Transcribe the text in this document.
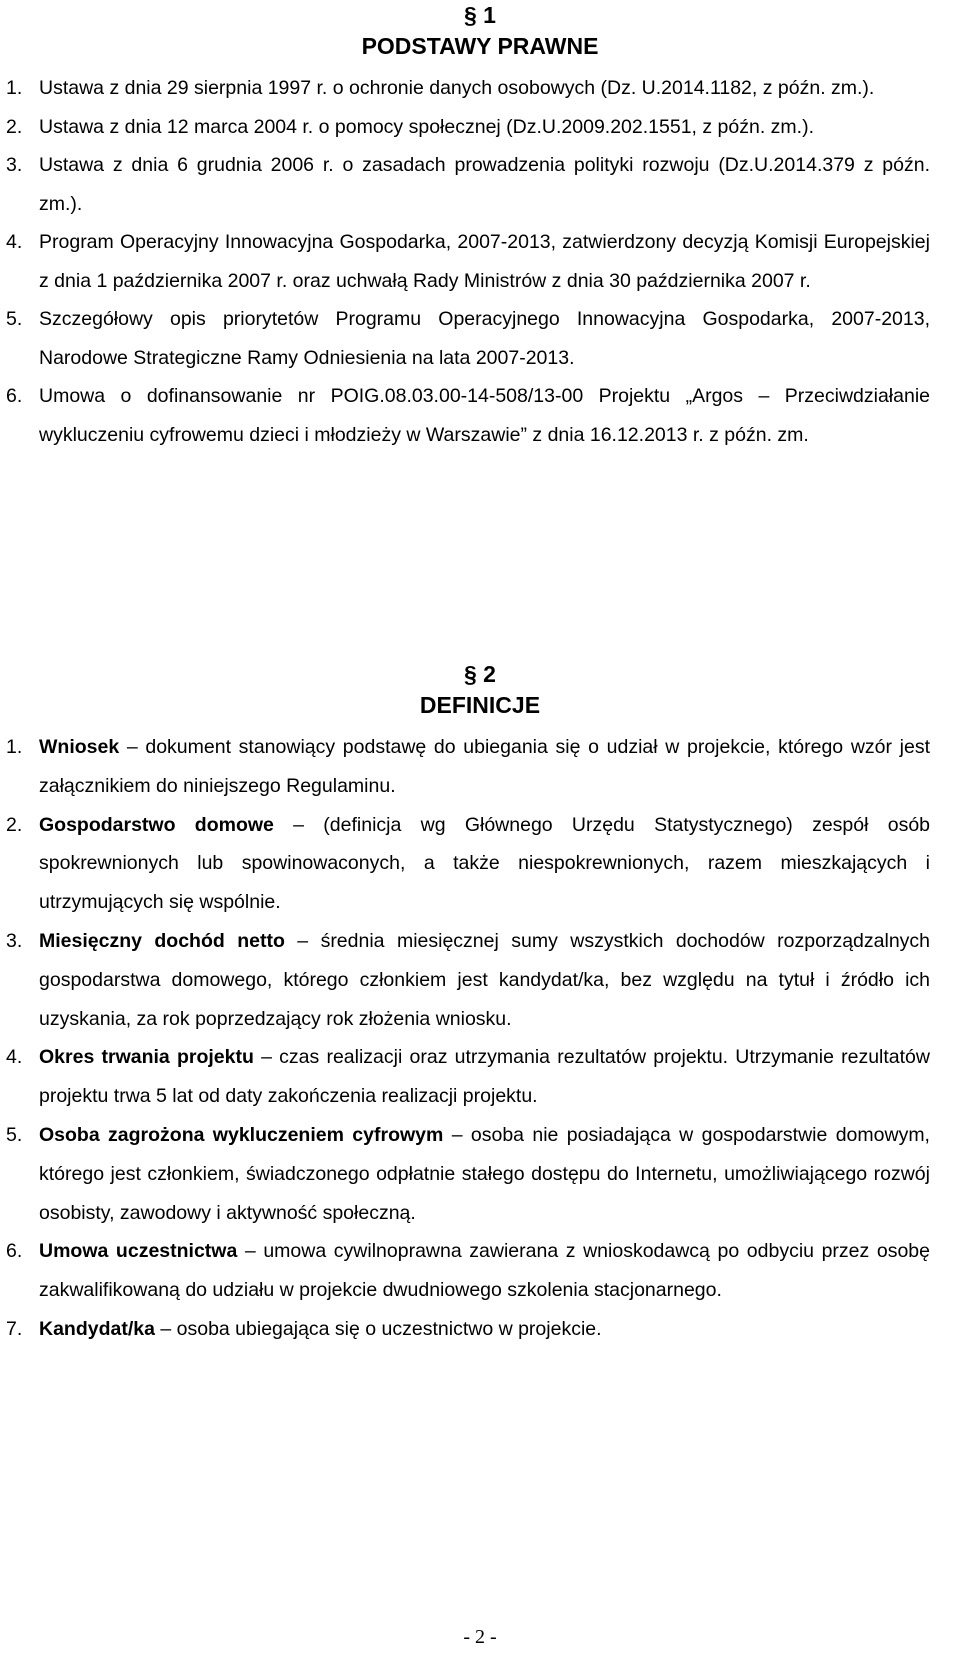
§ 1
PODSTAWY PRAWNE
1. Ustawa z dnia 29 sierpnia 1997 r. o ochronie danych osobowych (Dz. U.2014.1182, z późn. zm.).
2. Ustawa z dnia 12 marca 2004 r. o pomocy społecznej (Dz.U.2009.202.1551, z późn. zm.).
3. Ustawa z dnia 6 grudnia 2006 r. o zasadach prowadzenia polityki rozwoju (Dz.U.2014.379 z późn. zm.).
4. Program Operacyjny Innowacyjna Gospodarka, 2007-2013, zatwierdzony decyzją Komisji Europejskiej z dnia 1 października 2007 r. oraz uchwałą Rady Ministrów z dnia 30 października 2007 r.
5. Szczegółowy opis priorytetów Programu Operacyjnego Innowacyjna Gospodarka, 2007-2013, Narodowe Strategiczne Ramy Odniesienia na lata 2007-2013.
6. Umowa o dofinansowanie nr POIG.08.03.00-14-508/13-00 Projektu „Argos – Przeciwdziałanie wykluczeniu cyfrowemu dzieci i młodzieży w Warszawie” z dnia 16.12.2013 r. z późn. zm.
§ 2
DEFINICJE
1. Wniosek – dokument stanowiący podstawę do ubiegania się o udział w projekcie, którego wzór jest załącznikiem do niniejszego Regulaminu.
2. Gospodarstwo domowe – (definicja wg Głównego Urzędu Statystycznego) zespół osób spokrewnionych lub spowinowaconych, a także niespokrewnionych, razem mieszkających i utrzymujących się wspólnie.
3. Miesięczny dochód netto – średnia miesięcznej sumy wszystkich dochodów rozporządzalnych gospodarstwa domowego, którego członkiem jest kandydat/ka, bez względu na tytuł i źródło ich uzyskania, za rok poprzedzający rok złożenia wniosku.
4. Okres trwania projektu – czas realizacji oraz utrzymania rezultatów projektu. Utrzymanie rezultatów projektu trwa 5 lat od daty zakończenia realizacji projektu.
5. Osoba zagrożona wykluczeniem cyfrowym – osoba nie posiadająca w gospodarstwie domowym, którego jest członkiem, świadczonego odpłatnie stałego dostępu do Internetu, umożliwiającego rozwój osobisty, zawodowy i aktywność społeczną.
6. Umowa uczestnictwa – umowa cywilnoprawna zawierana z wnioskodawcą po odbyciu przez osobę zakwalifikowaną do udziału w projekcie dwudniowego szkolenia stacjonarnego.
7. Kandydat/ka – osoba ubiegająca się o uczestnictwo w projekcie.
- 2 -
